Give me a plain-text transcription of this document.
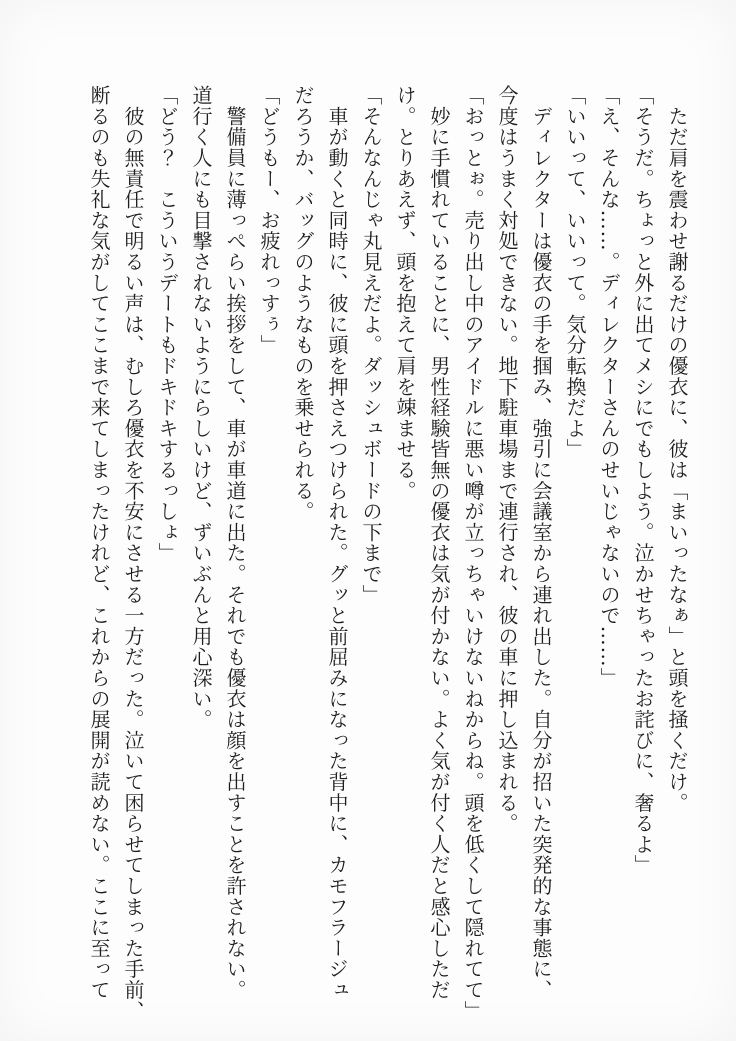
　ただ肩を震わせ謝るだけの優衣に、彼は「まいったなぁ」と頭を掻くだけ。
「そうだ。ちょっと外に出てメシにでもしよう。泣かせちゃったお詫びに、奢るよ」
「え、そんな……。ディレクターさんのせいじゃないので……」
「いいって、いいって。気分転換だよ」
　ディレクターは優衣の手を掴み、強引に会議室から連れ出した。自分が招いた突発的な事態に、
今度はうまく対処できない。地下駐車場まで連行され、彼の車に押し込まれる。
「おっとぉ。売り出し中のアイドルに悪い噂が立っちゃいけないねからね。頭を低くして隠れてて」
　妙に手慣れていることに、男性経験皆無の優衣は気が付かない。よく気が付く人だと感心しただ
け。とりあえず、頭を抱えて肩を竦ませる。
「そんなんじゃ丸見えだよ。ダッシュボードの下まで」
　車が動くと同時に、彼に頭を押さえつけられた。グッと前屈みになった背中に、カモフラージュ
だろうか、バッグのようなものを乗せられる。
「どうもー、お疲れっすぅ」
　警備員に薄っぺらい挨拶をして、車が車道に出た。それでも優衣は顔を出すことを許されない。
道行く人にも目撃されないようにらしいけど、ずいぶんと用心深い。
「どう？　こういうデートもドキドキするっしょ」
　彼の無責任で明るい声は、むしろ優衣を不安にさせる一方だった。泣いて困らせてしまった手前、
断るのも失礼な気がしてここまで来てしまったけれど、これからの展開が読めない。ここに至って
